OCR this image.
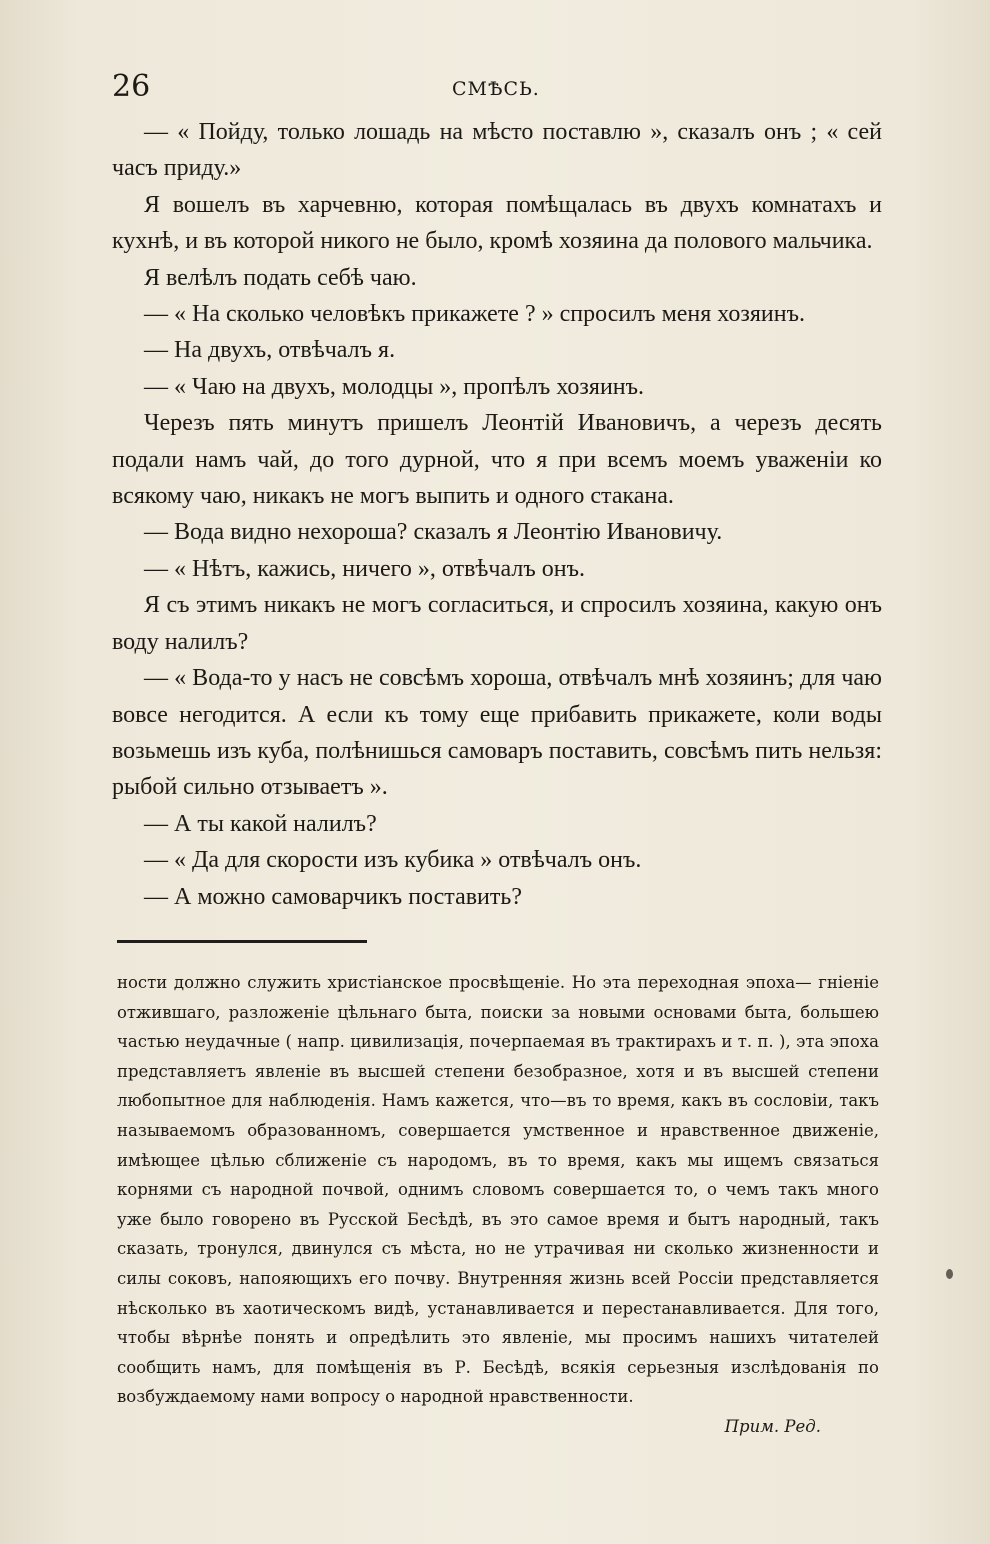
26	СМѢСЬ.

— « Пойду, только лошадь на мѣсто поставлю », сказалъ онъ ; « сей часъ приду.»

Я вошелъ въ харчевню, которая помѣщалась въ двухъ комнатахъ и кухнѣ, и въ которой никого не было, кромѣ хозяина да полового мальчика.

Я велѣлъ подать себѣ чаю.

— « На сколько человѣкъ прикажете ? » спросилъ меня хозяинъ.

— На двухъ, отвѣчалъ я.

— « Чаю на двухъ, молодцы », пропѣлъ хозяинъ.

Черезъ пять минутъ пришелъ Леонтій Ивановичъ, а черезъ десять подали намъ чай, до того дурной, что я при всемъ моемъ уваженіи ко всякому чаю, никакъ не могъ выпить и одного стакана.

— Вода видно нехороша? сказалъ я Леонтію Ивановичу.

— « Нѣтъ, кажись, ничего », отвѣчалъ онъ.

Я съ этимъ никакъ не могъ согласиться, и спросилъ хозяина, какую онъ воду налилъ?

— « Вода-то у насъ не совсѣмъ хороша, отвѣчалъ мнѣ хозяинъ; для чаю вовсе негодится. А если къ тому еще прибавить прикажете, коли воды возьмешь изъ куба, полѣнишься самоваръ поставить, совсѣмъ пить нельзя: рыбой сильно отзываетъ ».

— А ты какой налилъ?

— « Да для скорости изъ кубика » отвѣчалъ онъ.

— А можно самоварчикъ поставить?

ности должно служить христіанское просвѣщеніе. Но эта переходная эпоха— гніеніе отжившаго, разложеніе цѣльнаго быта, поиски за новыми основами быта, большею частью неудачные ( напр. цивилизація, почерпаемая въ трактирахъ и т. п. ), эта эпоха представляетъ явленіе въ высшей степени безобразное, хотя и въ высшей степени любопытное для наблюденія. Намъ кажется, что—въ то время, какъ въ сословіи, такъ называемомъ образованномъ, совершается умственное и нравственное движеніе, имѣющее цѣлью сближеніе съ народомъ, въ то время, какъ мы ищемъ связаться корнями съ народной почвой, однимъ словомъ совершается то, о чемъ такъ много уже было говорено въ Русской Бесѣдѣ, въ это самое время и бытъ народный, такъ сказать, тронулся, двинулся съ мѣста, но не утрачивая ни сколько жизненности и силы соковъ, напояющихъ его почву. Внутренняя жизнь всей Россіи представляется нѣсколько въ хаотическомъ видѣ, устанавливается и перестанавливается. Для того, чтобы вѣрнѣе понять и опредѣлить это явленіе, мы просимъ нашихъ читателей сообщить намъ, для помѣщенія въ Р. Бесѣдѣ, всякія серьезныя изслѣдованія по возбуждаемому нами вопросу о народной нравственности.

Прим. Ред.
